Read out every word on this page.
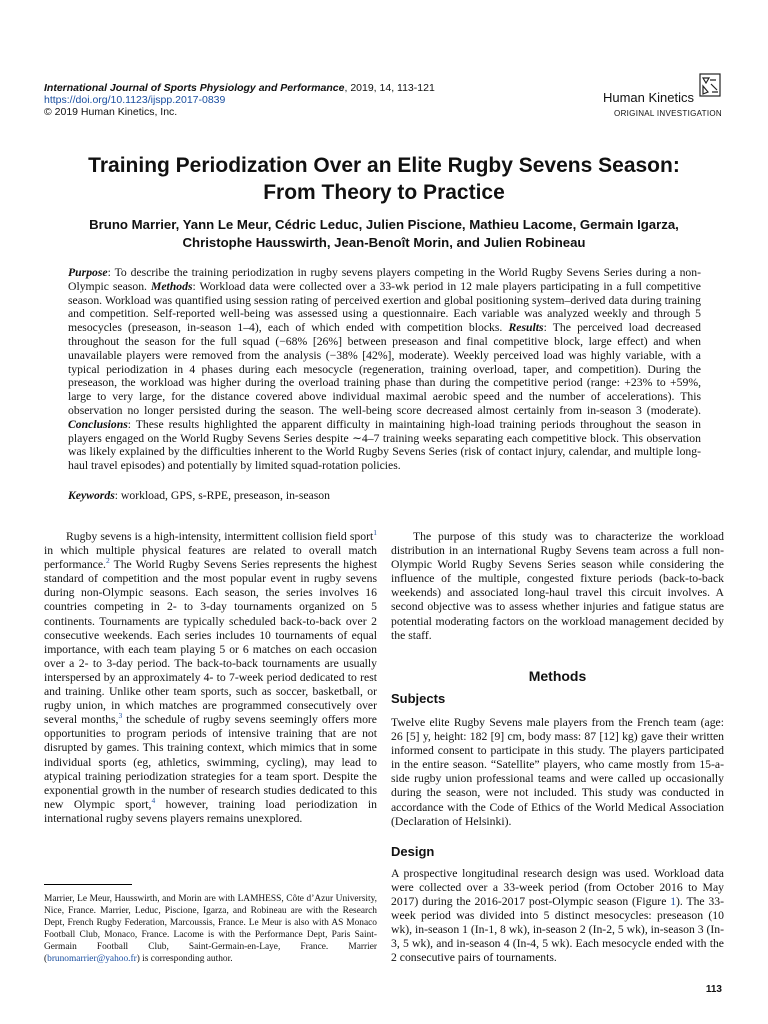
International Journal of Sports Physiology and Performance, 2019, 14, 113-121
https://doi.org/10.1123/ijspp.2017-0839
© 2019 Human Kinetics, Inc.
Human Kinetics
ORIGINAL INVESTIGATION
Training Periodization Over an Elite Rugby Sevens Season:
From Theory to Practice
Bruno Marrier, Yann Le Meur, Cédric Leduc, Julien Piscione, Mathieu Lacome, Germain Igarza,
Christophe Hausswirth, Jean-Benoît Morin, and Julien Robineau
Purpose: To describe the training periodization in rugby sevens players competing in the World Rugby Sevens Series during a non-Olympic season. Methods: Workload data were collected over a 33-wk period in 12 male players participating in a full competitive season. Workload was quantified using session rating of perceived exertion and global positioning system–derived data during training and competition. Self-reported well-being was assessed using a questionnaire. Each variable was analyzed weekly and through 5 mesocycles (preseason, in-season 1–4), each of which ended with competition blocks. Results: The perceived load decreased throughout the season for the full squad (−68% [26%] between preseason and final competitive block, large effect) and when unavailable players were removed from the analysis (−38% [42%], moderate). Weekly perceived load was highly variable, with a typical periodization in 4 phases during each mesocycle (regeneration, training overload, taper, and competition). During the preseason, the workload was higher during the overload training phase than during the competitive period (range: +23% to +59%, large to very large, for the distance covered above individual maximal aerobic speed and the number of accelerations). This observation no longer persisted during the season. The well-being score decreased almost certainly from in-season 3 (moderate). Conclusions: These results highlighted the apparent difficulty in maintaining high-load training periods throughout the season in players engaged on the World Rugby Sevens Series despite ∼4–7 training weeks separating each competitive block. This observation was likely explained by the difficulties inherent to the World Rugby Sevens Series (risk of contact injury, calendar, and multiple long-haul travel episodes) and potentially by limited squad-rotation policies.
Keywords: workload, GPS, s-RPE, preseason, in-season

Rugby sevens is a high-intensity, intermittent collision field sport$^1$ in which multiple physical features are related to overall match performance.$^2$ The World Rugby Sevens Series represents the highest standard of competition and the most popular event in rugby sevens during non-Olympic seasons. Each season, the series involves 16 countries competing in 2- to 3-day tournaments organized on 5 continents. Tournaments are typically scheduled back-to-back over 2 consecutive weekends. Each series includes 10 tournaments of equal importance, with each team playing 5 or 6 matches on each occasion over a 2- to 3-day period. The back-to-back tournaments are usually interspersed by an approximately 4- to 7-week period dedicated to rest and training. Unlike other team sports, such as soccer, basketball, or rugby union, in which matches are programmed consecutively over several months,$^3$ the schedule of rugby sevens seemingly offers more opportunities to program periods of intensive training that are not disrupted by games. This training context, which mimics that in some individual sports (eg, athletics, swimming, cycling), may lead to atypical training periodization strategies for a team sport. Despite the exponential growth in the number of research studies dedicated to this new Olympic sport,$^4$ however, training load periodization in international rugby sevens players remains unexplored.

The purpose of this study was to characterize the workload distribution in an international Rugby Sevens team across a full non-Olympic World Rugby Sevens Series season while considering the influence of the multiple, congested fixture periods (back-to-back weekends) and associated long-haul travel this circuit involves. A second objective was to assess whether injuries and fatigue status are potential moderating factors on the workload management decided by the staff.

Methods
Subjects

Twelve elite Rugby Sevens male players from the French team (age: 26 [5] y, height: 182 [9] cm, body mass: 87 [12] kg) gave their written informed consent to participate in this study. The players participated in the entire season. “Satellite” players, who came mostly from 15-a-side rugby union professional teams and were called up occasionally during the season, were not included. This study was conducted in accordance with the Code of Ethics of the World Medical Association (Declaration of Helsinki).

Design

A prospective longitudinal research design was used. Workload data were collected over a 33-week period (from October 2016 to May 2017) during the 2016-2017 post-Olympic season (Figure 1). The 33-week period was divided into 5 distinct mesocycles: preseason (10 wk), in-season 1 (In-1, 8 wk), in-season 2 (In-2, 5 wk), in-season 3 (In-3, 5 wk), and in-season 4 (In-4, 5 wk). Each mesocycle ended with the 2 consecutive pairs of tournaments.

Marrier, Le Meur, Hausswirth, and Morin are with LAMHESS, Côte d’Azur University, Nice, France. Marrier, Leduc, Piscione, Igarza, and Robineau are with the Research Dept, French Rugby Federation, Marcoussis, France. Le Meur is also with AS Monaco Football Club, Monaco, France. Lacome is with the Performance Dept, Paris Saint-Germain Football Club, Saint-Germain-en-Laye, France. Marrier (brunomarrier@yahoo.fr) is corresponding author.
113
